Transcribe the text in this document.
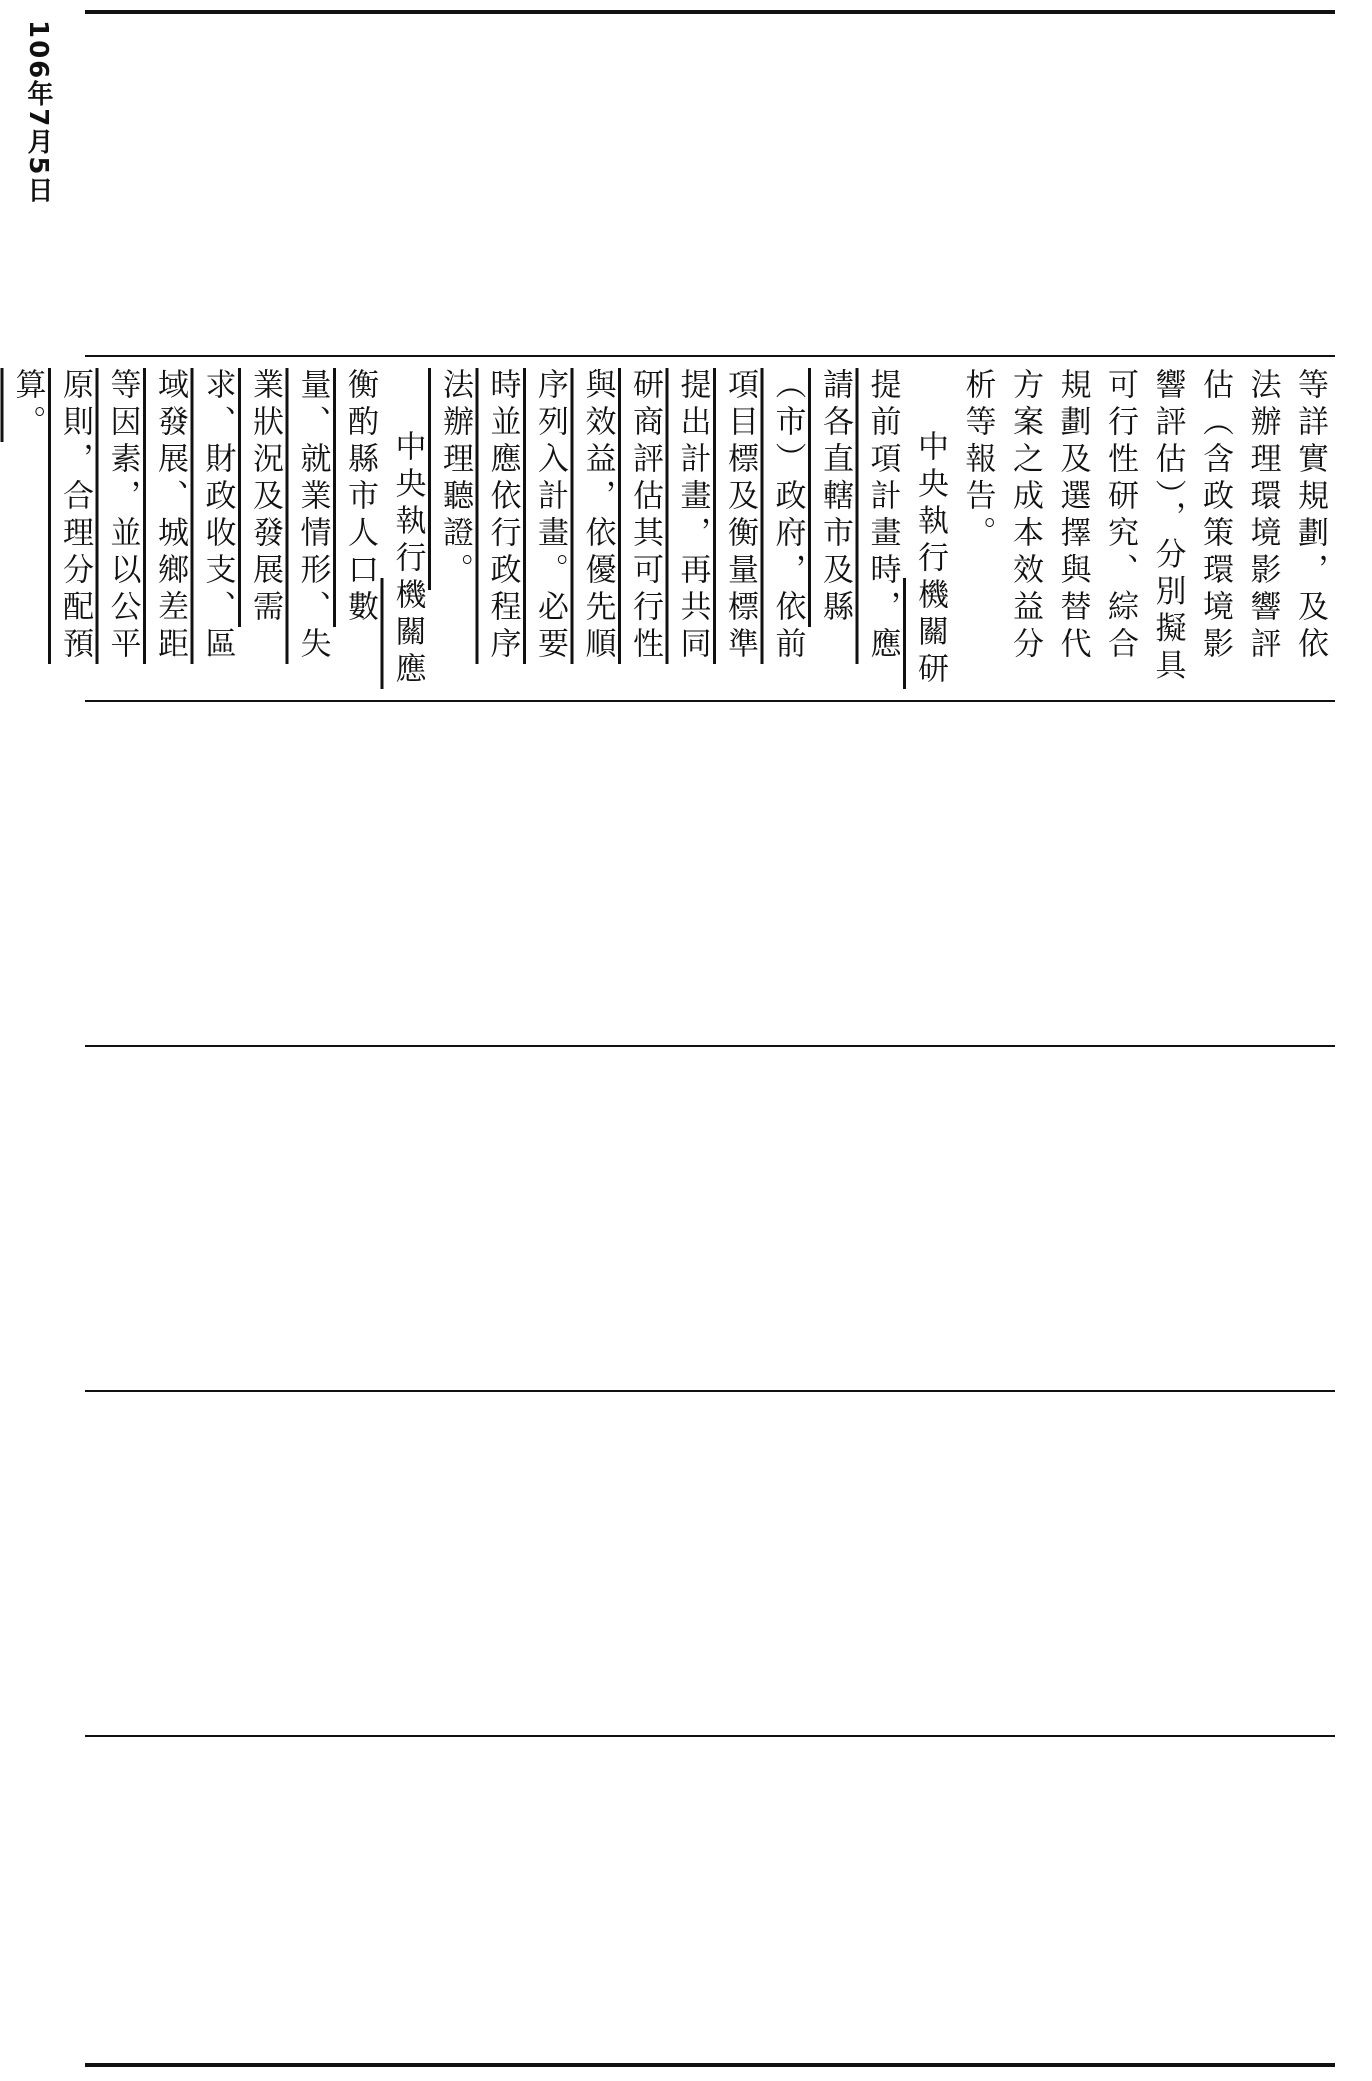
106年7月5日

等詳實規劃，及依法辦理環境影響評估（含政策環境影響評估），分別擬具可行性研究、綜合規劃及選擇與替代方案之成本效益分析等報告。

中央執行機關研提前項計畫時，應請各直轄市及縣（市）政府，依前項目標及衡量標準提出計畫，再共同研商評估其可行性與效益，依優先順序列入計畫。必要時並應依行政程序法辦理聽證。

中央執行機關應衡酌縣市人口數量、就業情形、失業狀況及發展需求、財政收支、區域發展、城鄉差距等因素，並以公平原則，合理分配預算。
